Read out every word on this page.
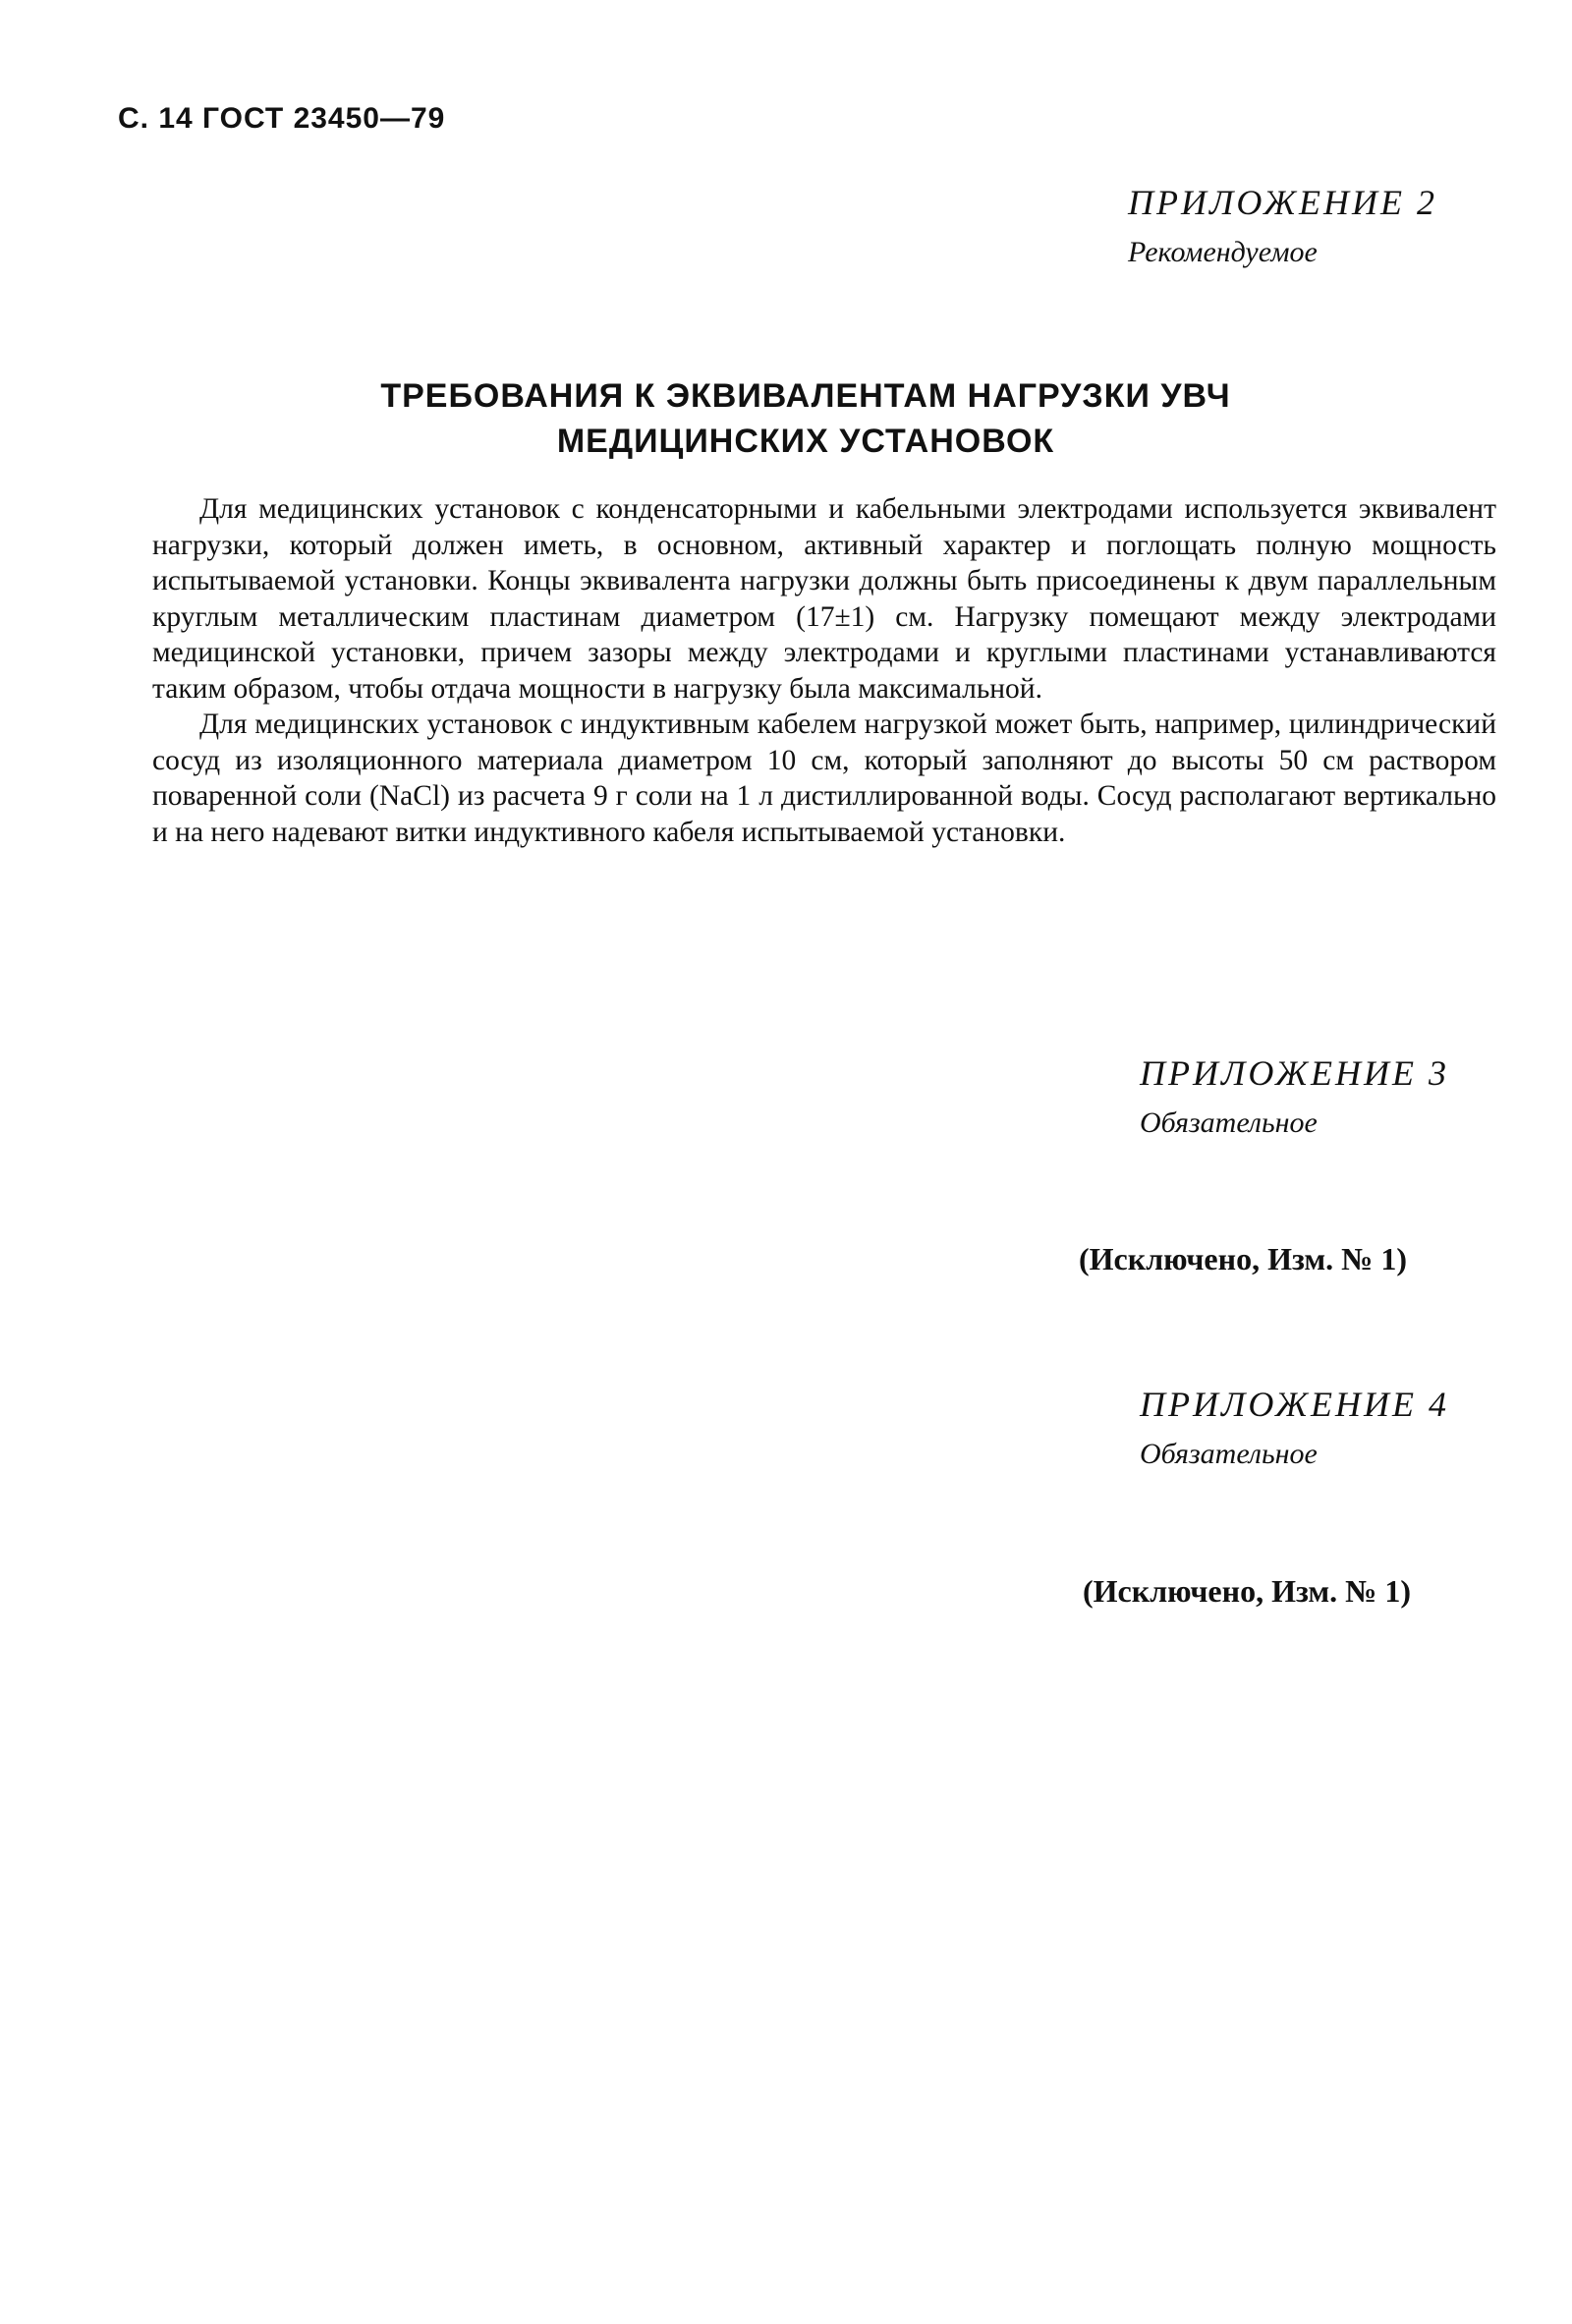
С. 14 ГОСТ 23450—79
ПРИЛОЖЕНИЕ 2
Рекомендуемое
ТРЕБОВАНИЯ К ЭКВИВАЛЕНТАМ НАГРУЗКИ УВЧ
МЕДИЦИНСКИХ УСТАНОВОК

Для медицинских установок с конденсаторными и кабельными электродами используется эквивалент нагрузки, который должен иметь, в основном, активный характер и поглощать полную мощность испытываемой установки. Концы эквивалента нагрузки должны быть присоединены к двум параллельным круглым металлическим пластинам диаметром (17±1) см. Нагрузку помещают между электродами медицинской установки, причем зазоры между электродами и круглыми пластинами устанавливаются таким образом, чтобы отдача мощности в нагрузку была максимальной.

Для медицинских установок с индуктивным кабелем нагрузкой может быть, например, цилиндрический сосуд из изоляционного материала диаметром 10 см, который заполняют до высоты 50 см раствором поваренной соли (NaCl) из расчета 9 г соли на 1 л дистиллированной воды. Сосуд располагают вертикально и на него надевают витки индуктивного кабеля испытываемой установки.

ПРИЛОЖЕНИЕ 3
Обязательное
(Исключено, Изм. № 1)
ПРИЛОЖЕНИЕ 4
Обязательное
(Исключено, Изм. № 1)
